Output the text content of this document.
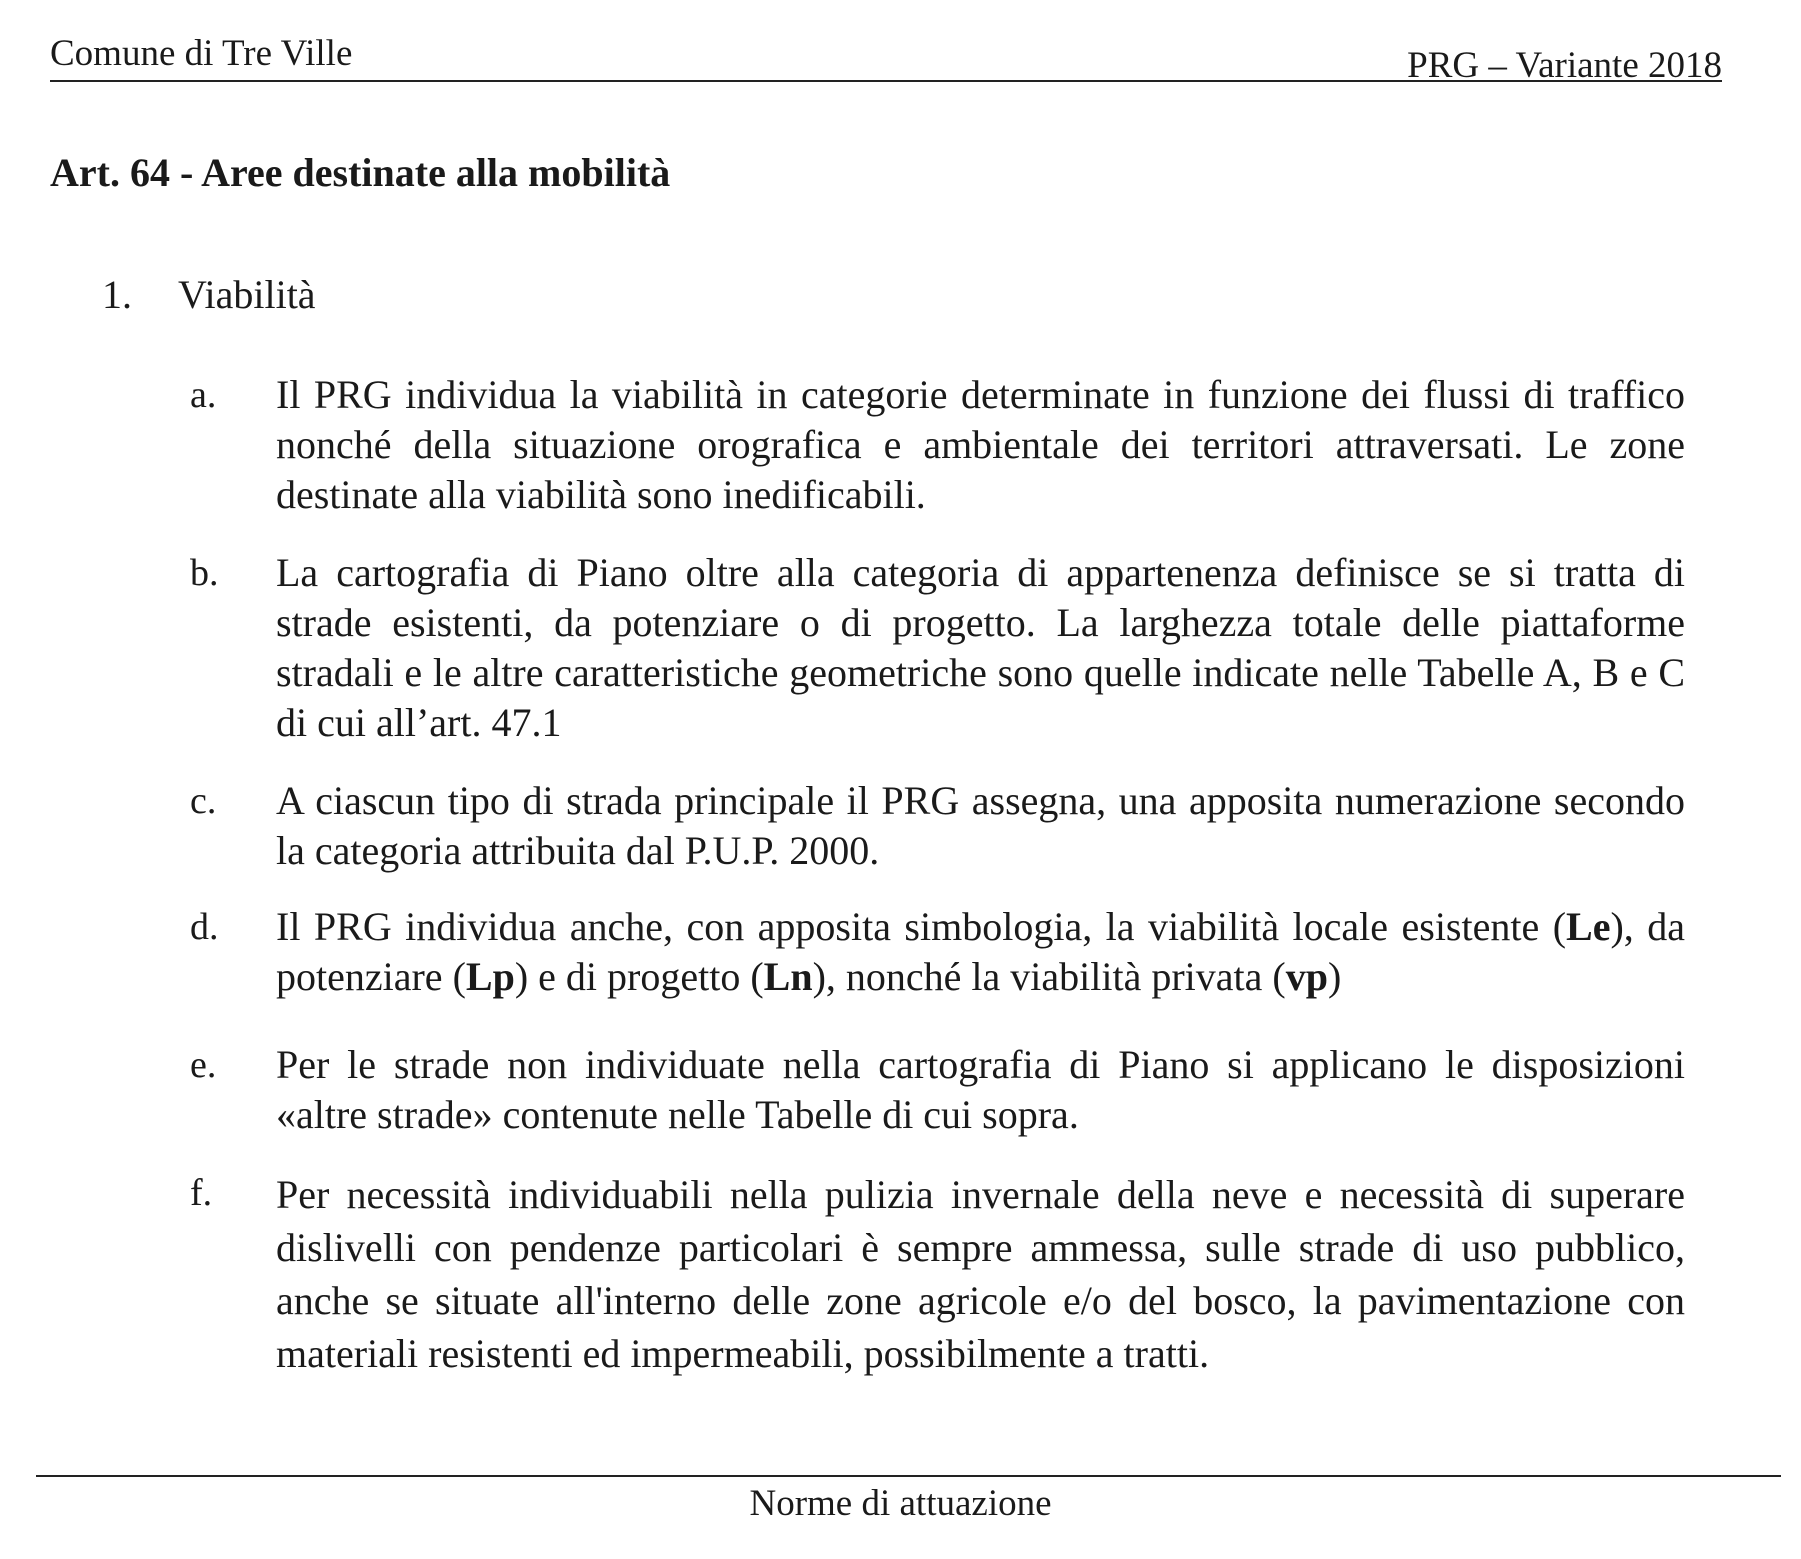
Comune di Tre Ville	PRG – Variante 2018
Art. 64 - Aree destinate alla mobilità
1. Viabilità
a. Il PRG individua la viabilità in categorie determinate in funzione dei flussi di traffico nonché della situazione orografica e ambientale dei territori attraversati. Le zone destinate alla viabilità sono inedificabili.
b. La cartografia di Piano oltre alla categoria di appartenenza definisce se si tratta di strade esistenti, da potenziare o di progetto. La larghezza totale delle piattaforme stradali e le altre caratteristiche geometriche sono quelle indicate nelle Tabelle A, B e C di cui all’art. 47.1
c. A ciascun tipo di strada principale il PRG assegna, una apposita numerazione secondo la categoria attribuita dal P.U.P. 2000.
d. Il PRG individua anche, con apposita simbologia, la viabilità locale esistente (Le), da potenziare (Lp) e di progetto (Ln), nonché la viabilità privata (vp)
e. Per le strade non individuate nella cartografia di Piano si applicano le disposizioni «altre strade» contenute nelle Tabelle di cui sopra.
f. Per necessità individuabili nella pulizia invernale della neve e necessità di superare dislivelli con pendenze particolari è sempre ammessa, sulle strade di uso pubblico, anche se situate all'interno delle zone agricole e/o del bosco, la pavimentazione con materiali resistenti ed impermeabili, possibilmente a tratti.
Norme di attuazione
